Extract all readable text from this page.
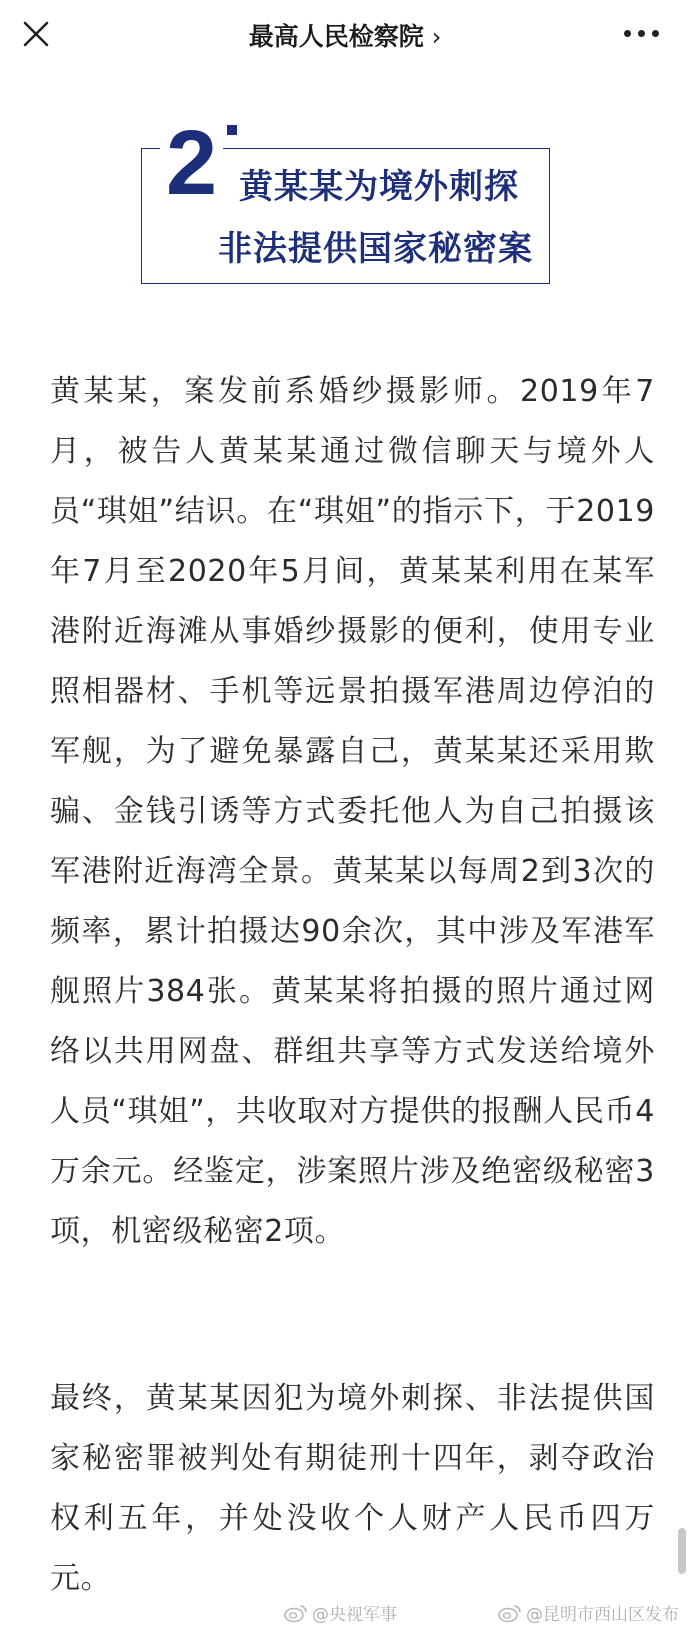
最高人民检察院 ›
2 黄某某为境外刺探
非法提供国家秘密案

黄某某，案发前系婚纱摄影师。2019年7月，被告人黄某某通过微信聊天与境外人员“琪姐”结识。在“琪姐”的指示下，于2019年7月至2020年5月间，黄某某利用在某军港附近海滩从事婚纱摄影的便利，使用专业照相器材、手机等远景拍摄军港周边停泊的军舰，为了避免暴露自己，黄某某还采用欺骗、金钱引诱等方式委托他人为自己拍摄该军港附近海湾全景。黄某某以每周2到3次的频率，累计拍摄达90余次，其中涉及军港军舰照片384张。黄某某将拍摄的照片通过网络以共用网盘、群组共享等方式发送给境外人员“琪姐”，共收取对方提供的报酬人民币4万余元。经鉴定，涉案照片涉及绝密级秘密3项，机密级秘密2项。

最终，黄某某因犯为境外刺探、非法提供国家秘密罪被判处有期徒刑十四年，剥夺政治权利五年，并处没收个人财产人民币四万元。

@央视军事	@昆明市西山区发布
